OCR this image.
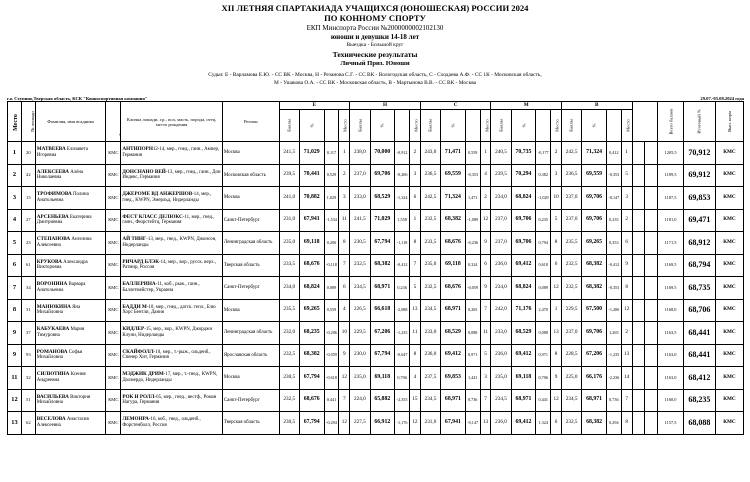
XII ЛЕТНЯЯ СПАРТАКИАДА УЧАЩИХСЯ (ЮНОШЕСКАЯ) РОССИИ 2024
ПО КОННОМУ СПОРТУ
ЕКП Минспорта России №2000000002102130
юноши и девушки 14-18 лет
Выездка - Большой круг
Технические результаты
Личный Приз. Юноши
Судьи: Е - Варламова Е.Ю. - СС ВК - Москва, Н - Резанова С.Г. - СС ВК - Вологодская область, С - Сходаева А.Ф. - СС 1К - Московская область,
М - Ушакова О.А. - СС ВК - Московская область, В - Мартынова В.В. - СС ВК - Москва
г.о. Ступино,Тверская область, КСК "Конноспортивная компания"	29.07.-05.08.2024 года
Место	№ лошади	Фамилия, имя всадника	Звание, разряд	Кличка лошади, г.р., пол, масть, порода, отец, место рождения	Регион	Е				Н				С				М				В						Всего баллов	Итоговый %	Вып. норм
						Баллы	%		Место	Баллы	%		Место	Баллы	%		Место	Баллы	%		Место	Баллы	%		Место					
1	20	МАТВЕЕВА Елизавета Игоревна	КМС	АНТИПОРН12-14, мер., гнед., ганн., Ампер, Германия	Москва	241,5	71,029	0,117	1	238,0	70,000	-0,912	2	243,0	71,471	0,559	1	240,5	70,735	-0,177	2	242,5	71,324	0,412	1			1205,5	70,912	КМС
2	42	АЛЕКСЕЕВА Алёна Николаевна	КМС	ДОНСНАНО ВЕЙ-13, мер., гнед., ганн., Дон Индекс, Германия	Московская область	239,5	70,441	0,529	2	237,0	69,706	-0,206	3	236,5	69,559	-0,353	4	239,5	70,294	0,382	3	236,5	69,559	-0,353	5			1189,5	69,912	КМС
3	15	ТРОФИМОВА Полина Анатольевна	КМС	ДЖЕРОМЕ ВД АНЖЕРШОВ-14, мер., гнед., KWPN, Эмерльд, Нидерланды	Москва	241,0	70,882	1,029	3	233,0	68,529	-1,324	6	242,5	71,324	1,471	2	234,0	68,824	-1,029	10	237,0	69,706	-0,147	3			1187,5	69,853	КМС
4	27	АРСЕНЬЕВА Екатерина Дмитриевна	КМС	ФЕСТ КЛАСС ДЕЛЮКС-11, мер., гнед., ганн., Фюрстейтц, Германия	Санкт-Петербург	231,0	67,941	-1,534	11	241,5	71,029	1,558	1	232,5	68,382	-1,089	12	237,0	69,706	0,235	5	237,0	69,706	0,235	2			1181,0	69,471	КМС
5	23	СТЕПАНОВА Ангелина Алексеевна	КМС	АЙ ТИНГ-13, мер., гнед., KWPN, Джонсон, Нидерланды	Ленинградская область	235,0	69,118	0,206	8	230,5	67,794	-1,118	8	233,5	68,676	-0,236	9	237,0	69,706	0,794	8	235,5	69,265	0,353	6			1171,5	68,912	КМС
6	61	КРУКОВА Александра Викторовна	КМС	РИЧАРД БЛЭК-14, мер., вор., русск. верх., Ратмир, Россия	Тверская область	233,5	68,676	-0,118	7	232,5	68,382	-0,412	7	235,0	69,118	0,324	6	236,0	69,412	0,618	6	232,5	68,382	-0,412	9			1169,5	68,794	КМС
7	34	ВОРОНИНА Варвара Анатольевна	КМС	БАЛЛЕРИНА-11, коб., рыж., ганн., Баллетмейстер, Украина	Санкт-Петербург	234,0	68,824	0,089	6	234,5	68,971	0,236	5	232,5	68,676	-0,059	9	234,0	68,824	0,089	12	232,5	68,382	-0,353	8			1169,5	68,735	КМС
8	31	МАНЮКИНА Яна Михайловна	КМС	БАДДИ М-10, мер., гнед., датск. тепл., Блю Хорс Бентли, Дания	Москва	235,5	69,265	0,559	4	226,5	66,618	-2,088	13	234,5	68,971	0,265	7	242,0	71,176	2,470	1	229,5	67,500	-1,206	12			1168,0	68,706	КМС
9	37	КАБУКАЕВА Мария Тимуровна	КМС	КИДЛЕР-15, мер., вор., KWPN, Джорджи Клуни, Нидерланды	Ленинградская область	232,0	68,235	-0,206	10	229,5	67,206	-1,235	11	233,0	68,529	0,088	11	233,0	68,529	0,088	13	237,0	69,706	1,265	2			1163,5	68,441	КМС
9	93	РОМАНОВА Софья Михайловна	КМС	СКАЙФОЛЛ-10, мер., т.-рыж., ольденб., Спенер Хит, Германия	Ярославская область	232,5	68,382	-0,059	9	230,0	67,794	-0,647	8	236,0	69,412	0,971	5	236,0	69,412	0,971	8	228,5	67,206	-1,235	13			1163,0	68,441	КМС
11	32	СИЛЮТИНА Ксения Андреевна	КМС	МЭДЖИК ДРИМ-17, мер., т.-гнед., KWPN, Долмердо, Нидерланды	Москва	230,5	67,794	-0,618	12	235,0	69,118	0,706	4	237,5	69,853	1,441	3	235,0	69,118	0,706	9	225,0	66,176	-2,236	14			1163,0	68,412	КМС
12	51	ВАСИЛЬЕВА Виктория Михайловна	КМС	РОК Н РОЛЛ-05, мер., гнед., вестф., Роман Нагура, Германия	Санкт-Петербург	232,5	68,676	0,441	7	224,0	65,882	-2,353	15	234,5	68,971	0,736	7	234,5	68,971	0,441	12	234,5	68,971	0,736	7			1160,0	68,235	КМС
13	62	ВЕСЕЛОВА Анастасия Алексеевна	КМС	ЛЕМОНРА-16, коб., гнед., ольденб., Форстенболл, Россия	Тверская область	230,5	67,794	-0,294	12	227,5	66,912	-1,176	12	231,0	67,941	-0,147	13	236,0	69,412	1,324	6	232,5	68,382	0,294	8			1157,5	68,088	КМС
